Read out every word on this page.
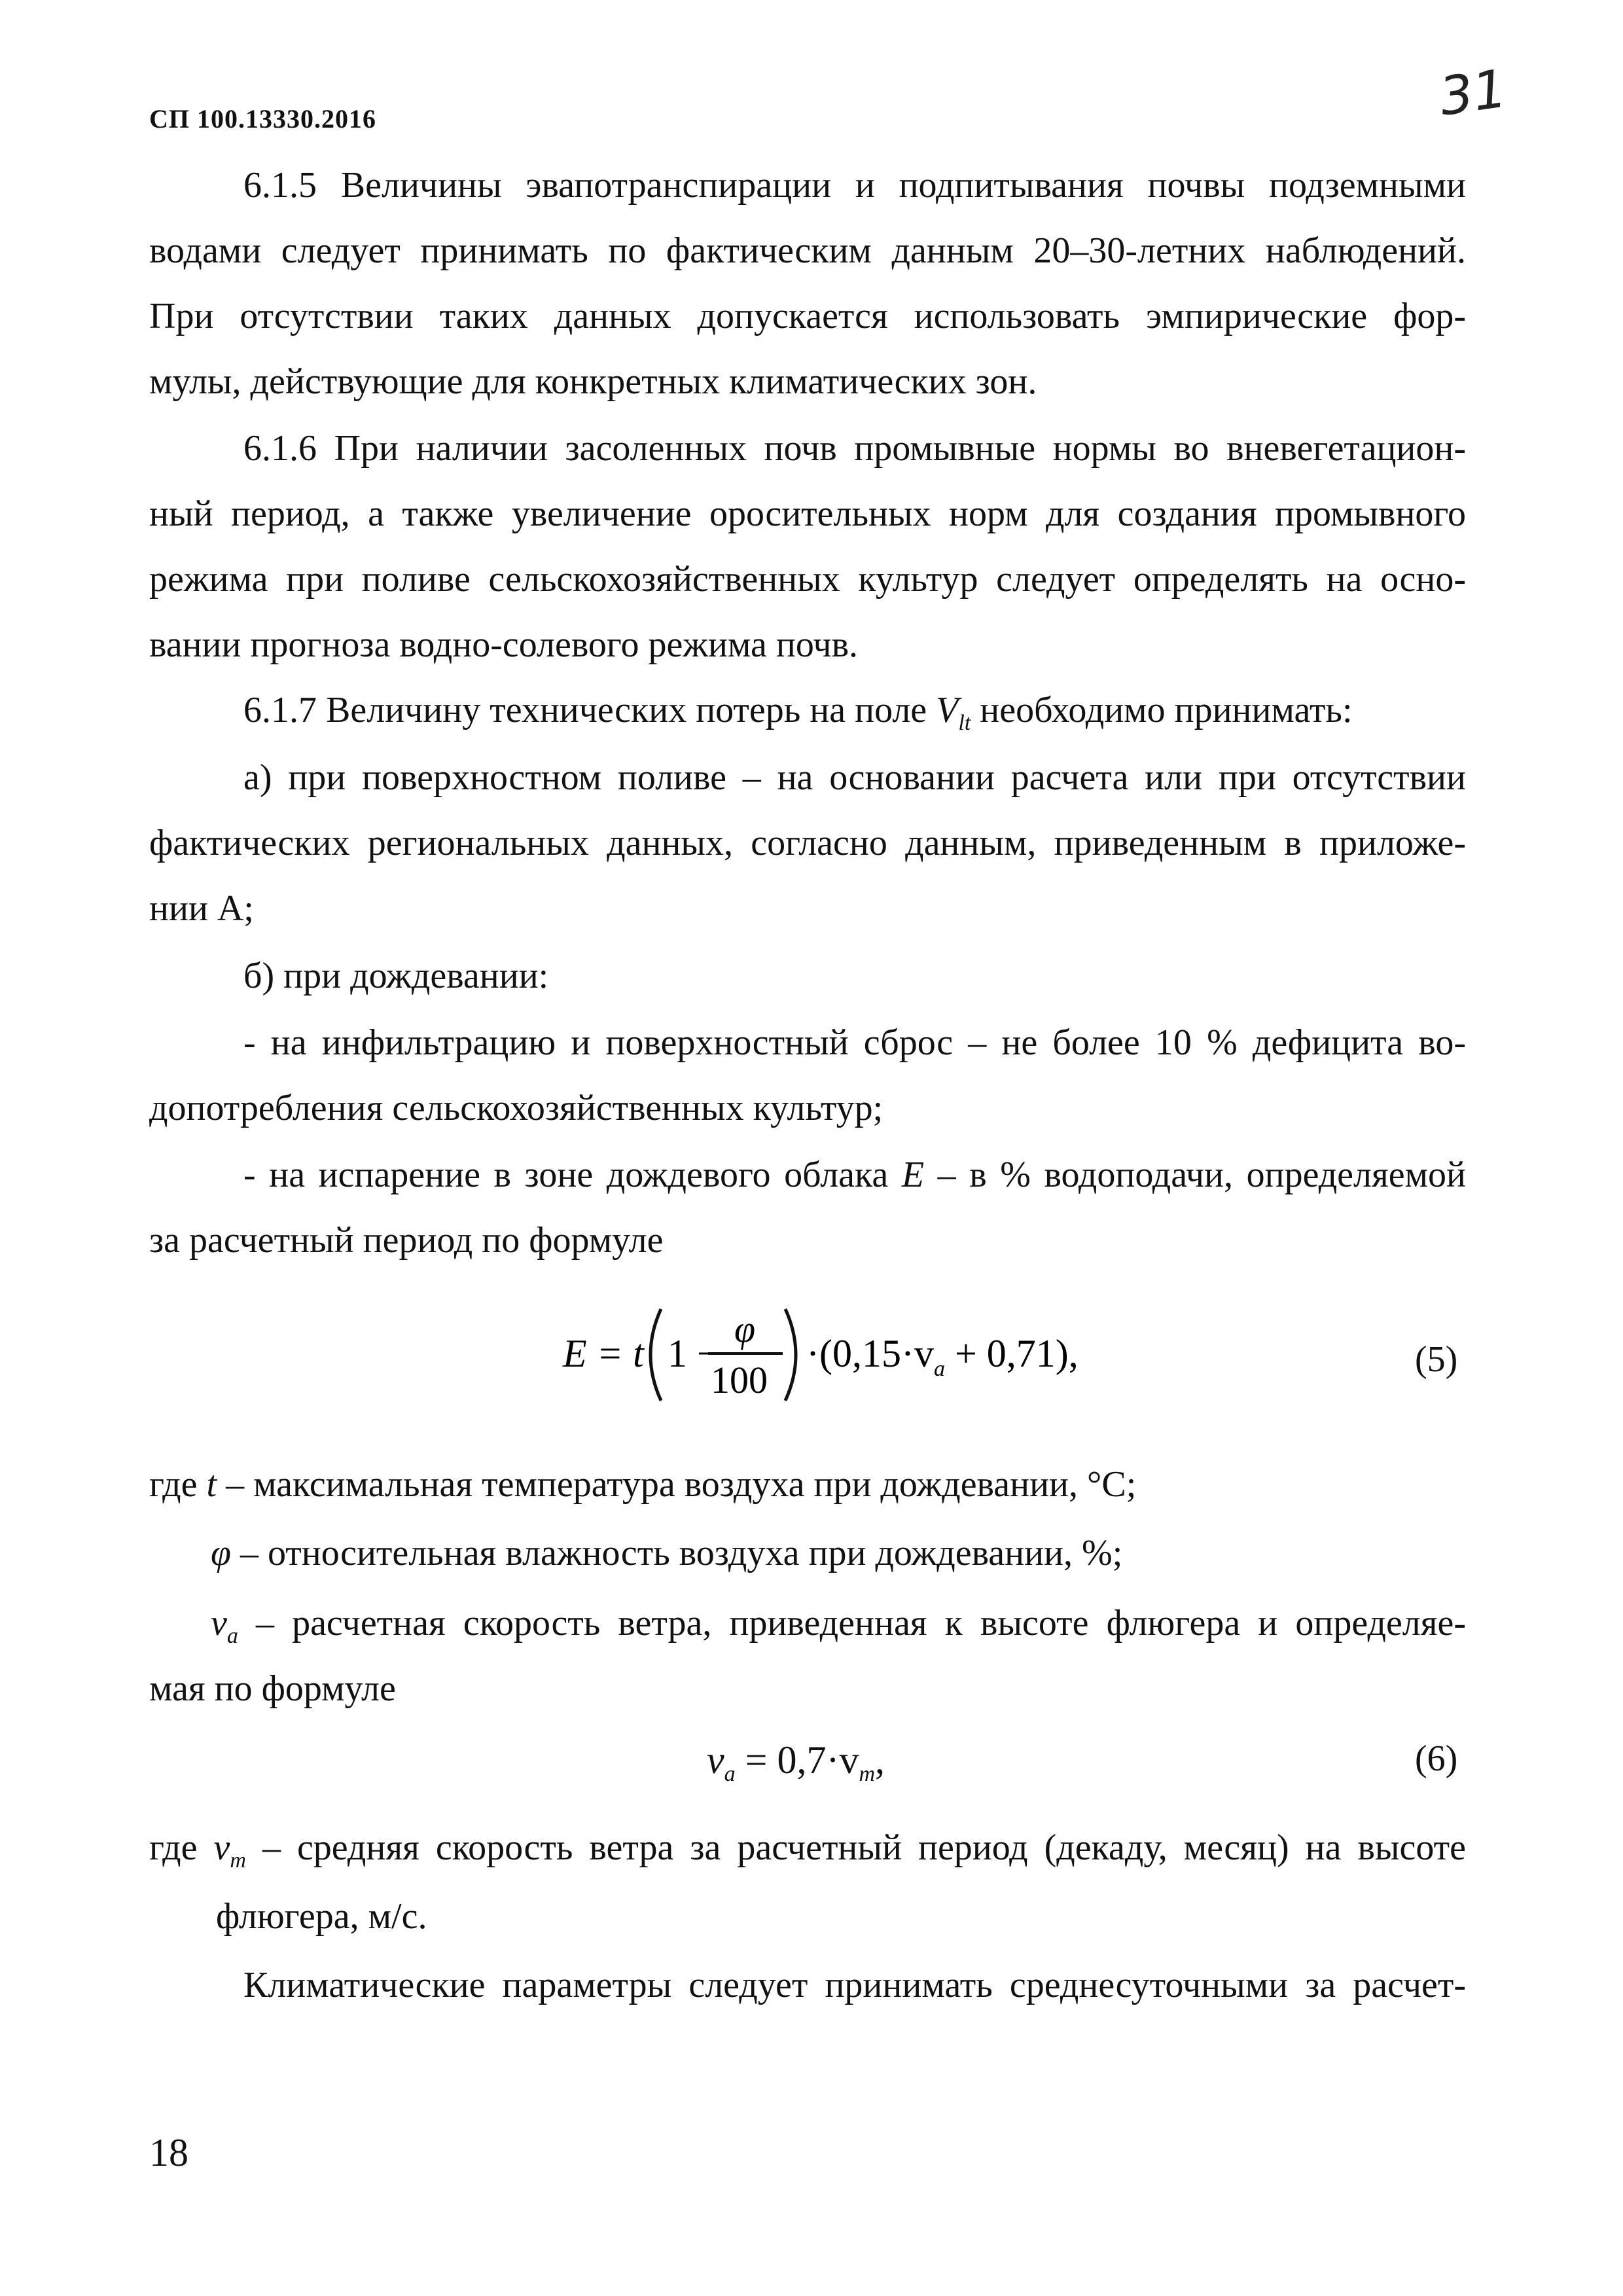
СП 100.13330.2016	31
6.1.5 Величины эвапотранспирации и подпитывания почвы подземными
водами следует принимать по фактическим данным 20–30-летних наблюдений.
При отсутствии таких данных допускается использовать эмпирические фор-
мулы, действующие для конкретных климатических зон.
6.1.6 При наличии засоленных почв промывные нормы во вневегетацион-
ный период, а также увеличение оросительных норм для создания промывного
режима при поливе сельскохозяйственных культур следует определять на осно-
вании прогноза водно-солевого режима почв.
6.1.7 Величину технических потерь на поле $V_{lt}$ необходимо принимать:
а) при поверхностном поливе – на основании расчета или при отсутствии
фактических региональных данных, согласно данным, приведенным в приложе-
нии А;
б) при дождевании:
- на инфильтрацию и поверхностный сброс – не более 10 % дефицита во-
допотребления сельскохозяйственных культур;
- на испарение в зоне дождевого облака E – в % водоподачи, определяемой
за расчетный период по формуле
E = t 1 −
φ
100
$\cdot(0,15\cdot v_a + 0,71)$,	(5)
где t – максимальная температура воздуха при дождевании, °С;
φ – относительная влажность воздуха при дождевании, %;
$v_a$ – расчетная скорость ветра, приведенная к высоте флюгера и определяе-
мая по формуле
$v_a = 0,7\cdot v_m$,	(6)
где $v_m$ – средняя скорость ветра за расчетный период (декаду, месяц) на высоте
флюгера, м/с.
Климатические параметры следует принимать среднесуточными за расчет-
18
